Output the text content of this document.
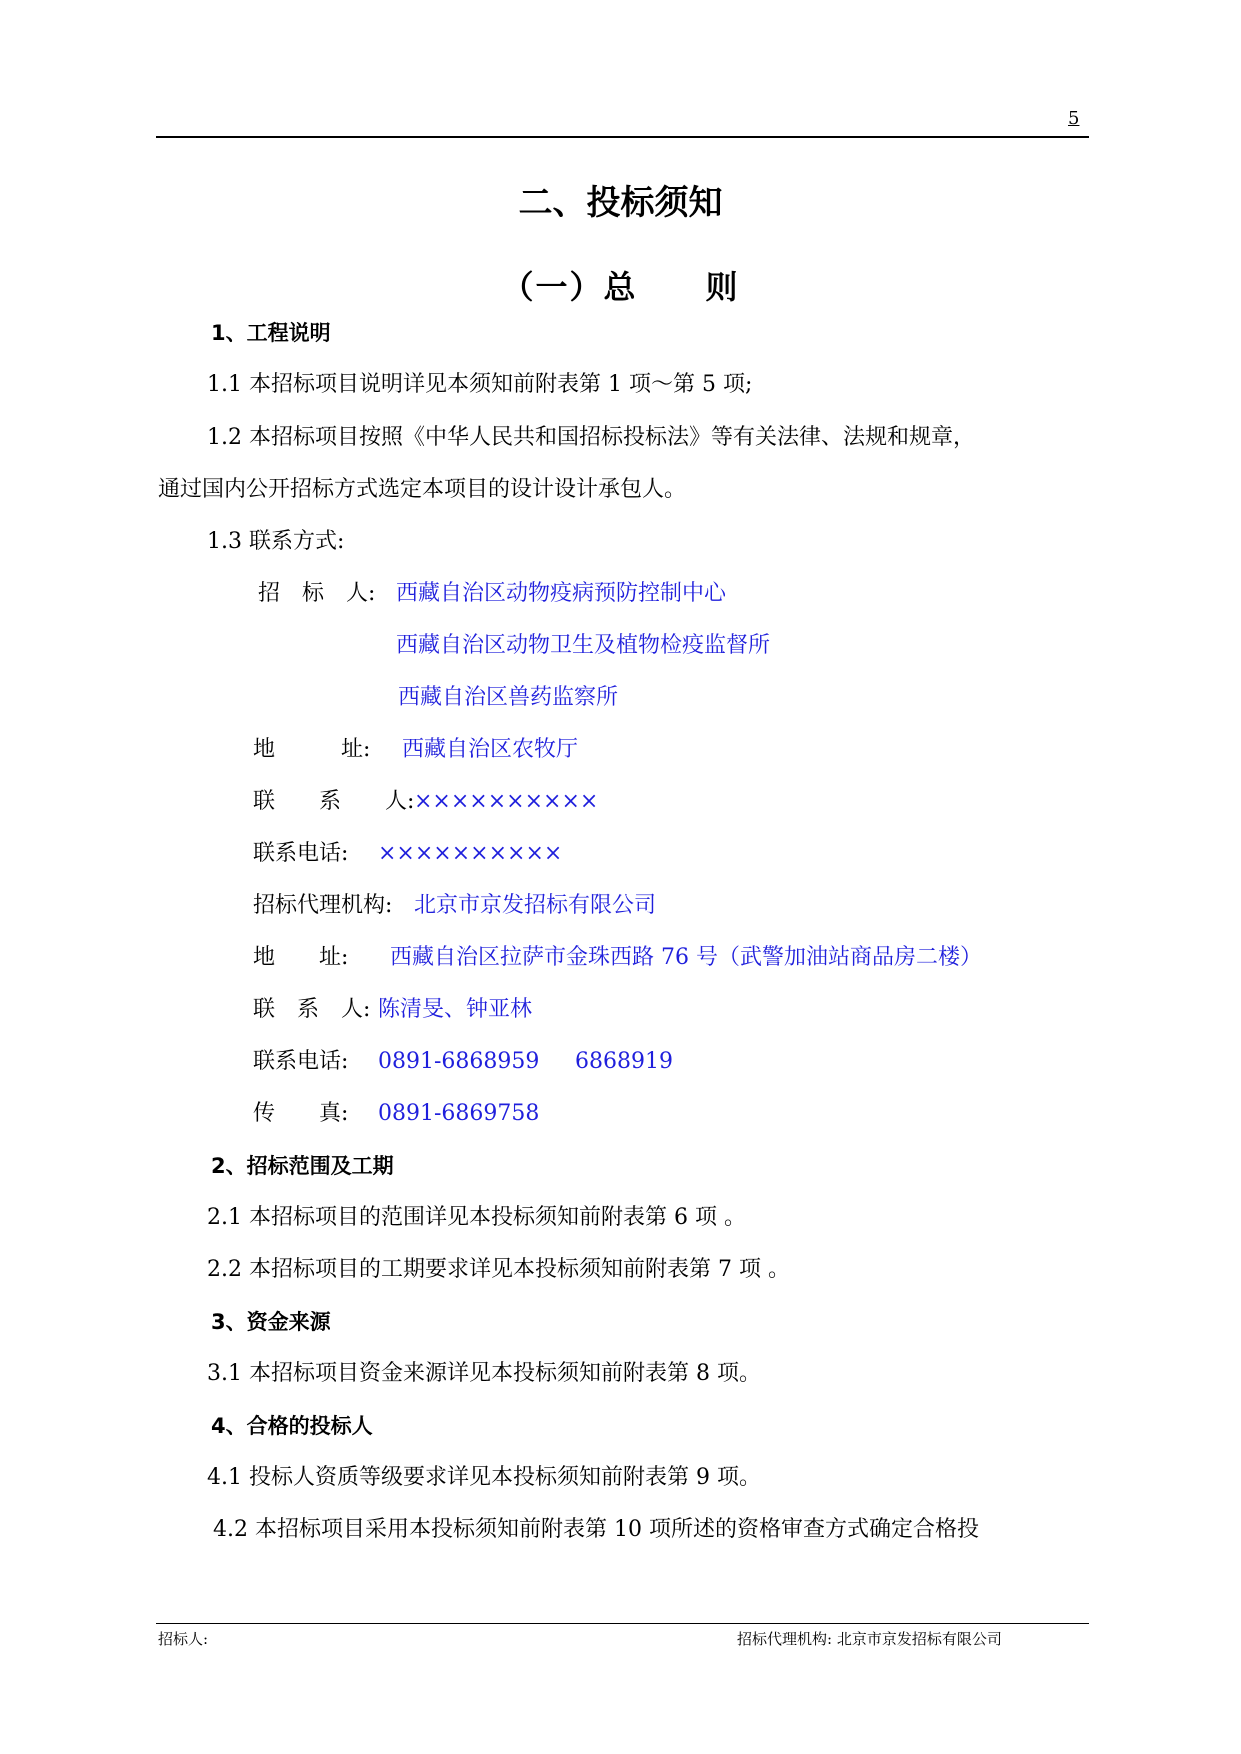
5
二、投标须知
（一）总　　则
1、工程说明
1.1 本招标项目说明详见本须知前附表第 1 项～第 5 项;
1.2 本招标项目按照《中华人民共和国招标投标法》等有关法律、法规和规章，
通过国内公开招标方式选定本项目的设计设计承包人。
1.3 联系方式:
招　标　人: 西藏自治区动物疫病预防控制中心
西藏自治区动物卫生及植物检疫监督所
西藏自治区兽药监察所
地　　　址: 西藏自治区农牧厅
联　　系　　人: ××××××××××
联系电话: ××××××××××
招标代理机构: 北京市京发招标有限公司
地　　址: 西藏自治区拉萨市金珠西路 76 号（武警加油站商品房二楼）
联　系　人: 陈清旻、钟亚林
联系电话: 0891-6868959 6868919
传　　真: 0891-6869758
2、招标范围及工期
2.1 本招标项目的范围详见本投标须知前附表第 6 项 。
2.2 本招标项目的工期要求详见本投标须知前附表第 7 项 。
3、资金来源
3.1 本招标项目资金来源详见本投标须知前附表第 8 项。
4、合格的投标人
4.1 投标人资质等级要求详见本投标须知前附表第 9 项。
4.2 本招标项目采用本投标须知前附表第 10 项所述的资格审查方式确定合格投
招标人:	招标代理机构: 北京市京发招标有限公司
